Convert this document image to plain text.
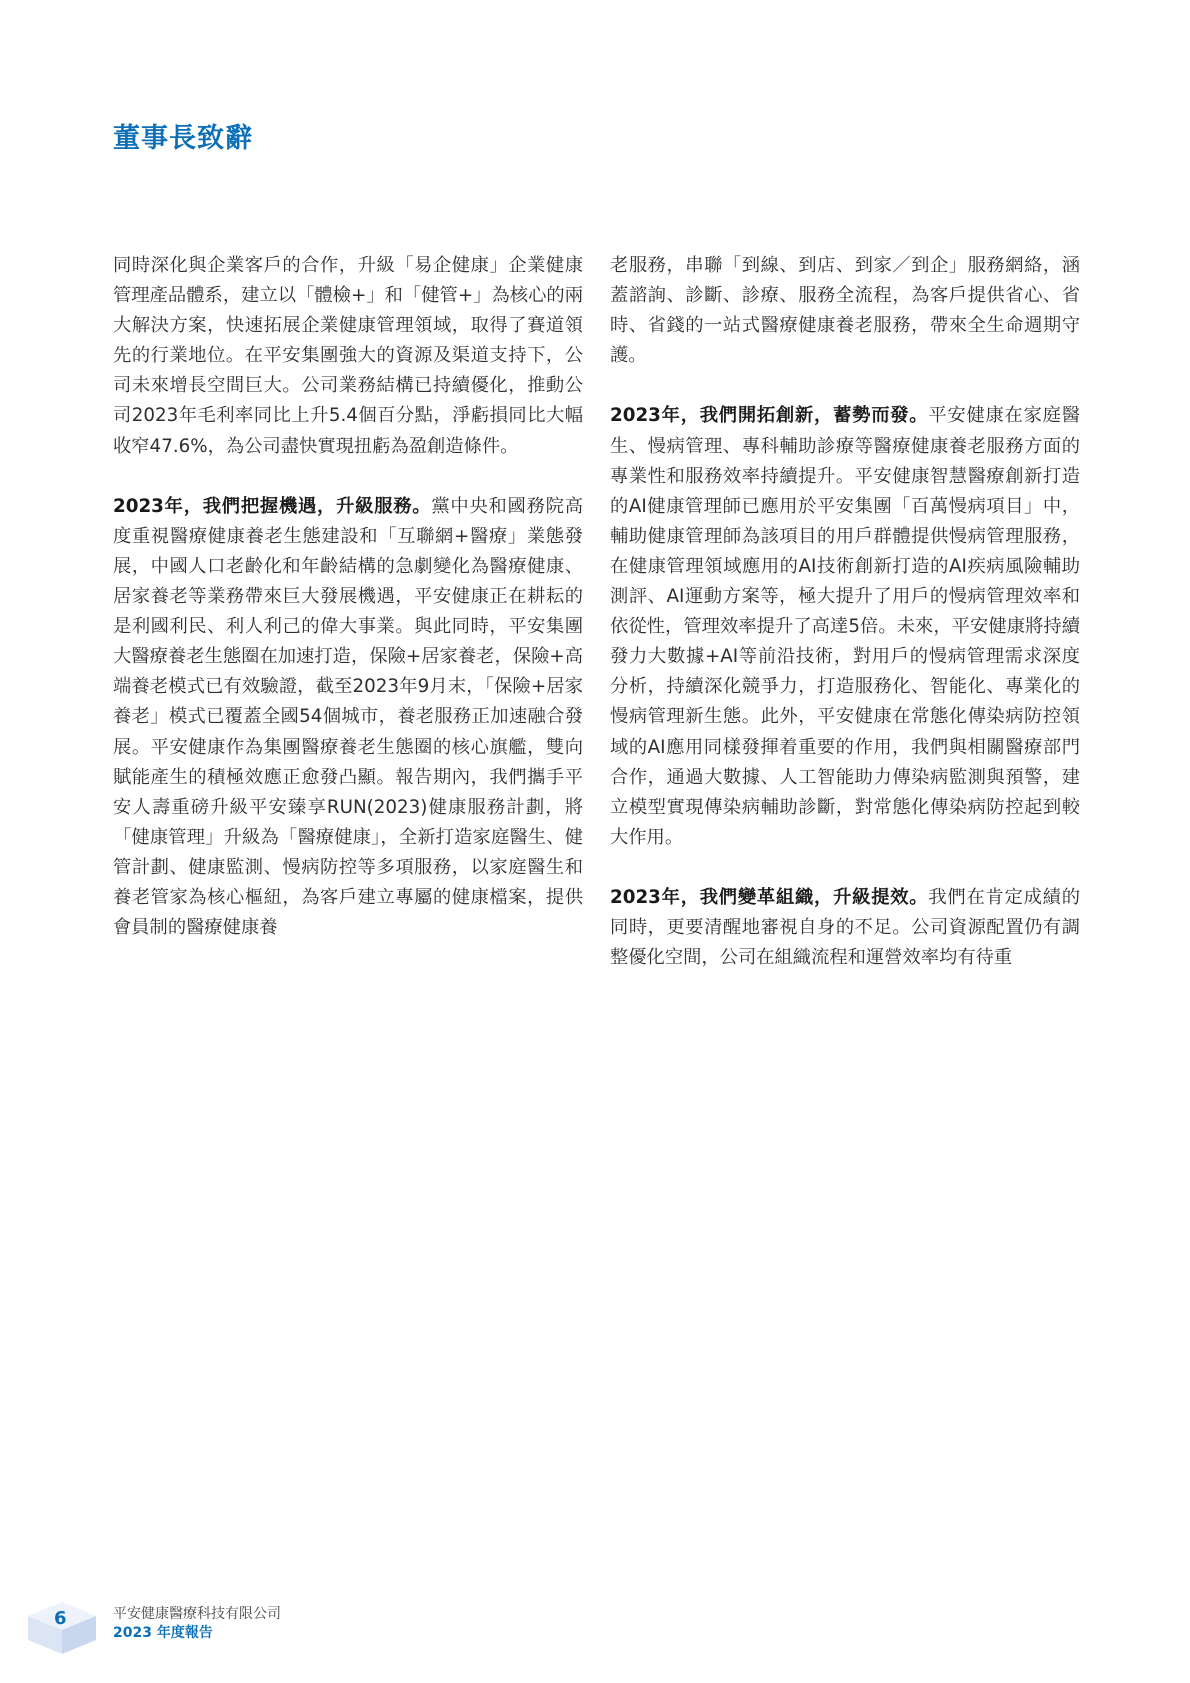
董事長致辭

同時深化與企業客戶的合作，升級「易企健康」企業健康管理產品體系，建立以「體檢+」和「健管+」為核心的兩大解決方案，快速拓展企業健康管理領域，取得了賽道領先的行業地位。在平安集團強大的資源及渠道支持下，公司未來增長空間巨大。公司業務結構已持續優化，推動公司2023年毛利率同比上升5.4個百分點，淨虧損同比大幅收窄47.6%，為公司盡快實現扭虧為盈創造條件。

2023年，我們把握機遇，升級服務。黨中央和國務院高度重視醫療健康養老生態建設和「互聯網+醫療」業態發展，中國人口老齡化和年齡結構的急劇變化為醫療健康、居家養老等業務帶來巨大發展機遇，平安健康正在耕耘的是利國利民、利人利己的偉大事業。與此同時，平安集團大醫療養老生態圈在加速打造，保險+居家養老，保險+高端養老模式已有效驗證，截至2023年9月末，「保險+居家養老」模式已覆蓋全國54個城市，養老服務正加速融合發展。平安健康作為集團醫療養老生態圈的核心旗艦，雙向賦能產生的積極效應正愈發凸顯。報告期內，我們攜手平安人壽重磅升級平安臻享RUN(2023)健康服務計劃，將「健康管理」升級為「醫療健康」，全新打造家庭醫生、健管計劃、健康監測、慢病防控等多項服務，以家庭醫生和養老管家為核心樞紐，為客戶建立專屬的健康檔案，提供會員制的醫療健康養

老服務，串聯「到線、到店、到家／到企」服務網絡，涵蓋諮詢、診斷、診療、服務全流程，為客戶提供省心、省時、省錢的一站式醫療健康養老服務，帶來全生命週期守護。

2023年，我們開拓創新，蓄勢而發。平安健康在家庭醫生、慢病管理、專科輔助診療等醫療健康養老服務方面的專業性和服務效率持續提升。平安健康智慧醫療創新打造的AI健康管理師已應用於平安集團「百萬慢病項目」中，輔助健康管理師為該項目的用戶群體提供慢病管理服務，在健康管理領域應用的AI技術創新打造的AI疾病風險輔助測評、AI運動方案等，極大提升了用戶的慢病管理效率和依從性，管理效率提升了高達5倍。未來，平安健康將持續發力大數據+AI等前沿技術，對用戶的慢病管理需求深度分析，持續深化競爭力，打造服務化、智能化、專業化的慢病管理新生態。此外，平安健康在常態化傳染病防控領域的AI應用同樣發揮着重要的作用，我們與相關醫療部門合作，通過大數據、人工智能助力傳染病監測與預警，建立模型實現傳染病輔助診斷，對常態化傳染病防控起到較大作用。

2023年，我們變革組織，升級提效。我們在肯定成績的同時，更要清醒地審視自身的不足。公司資源配置仍有調整優化空間，公司在組織流程和運營效率均有待重

6	平安健康醫療科技有限公司
2023 年度報告
